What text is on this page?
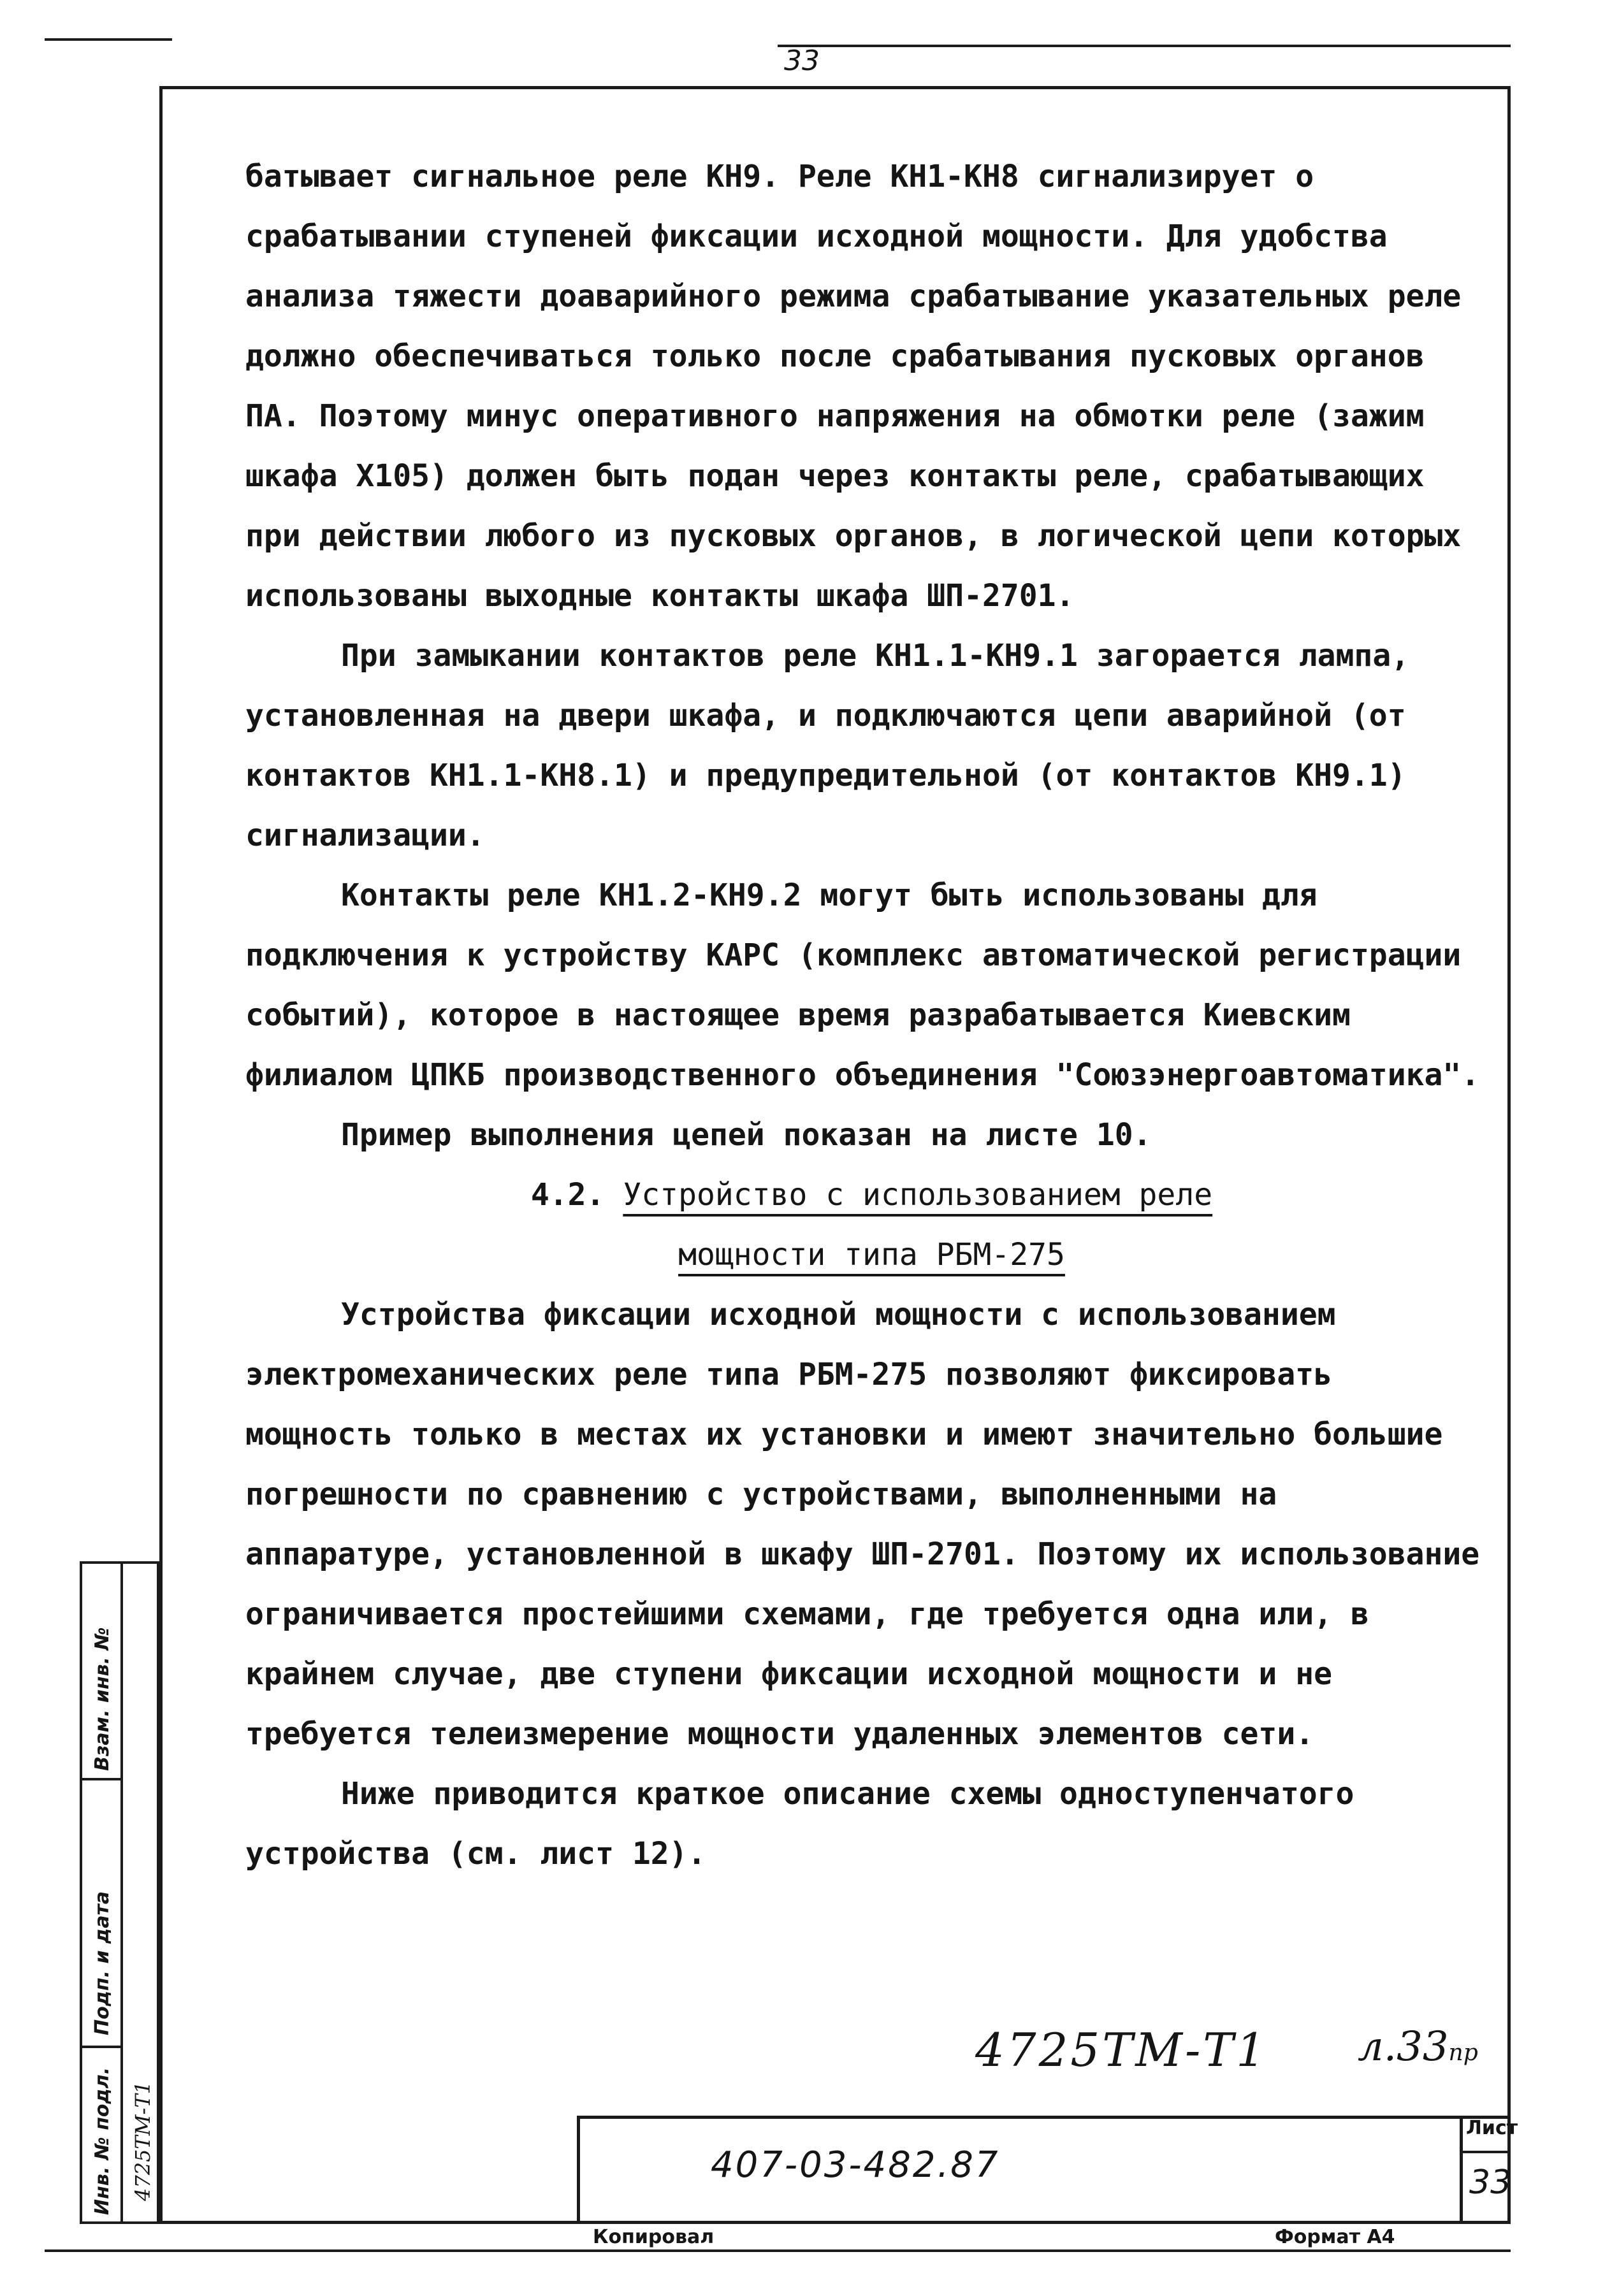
33

батывает сигнальное реле КН9. Реле КН1-КН8 сигнализирует о срабатывании ступеней фиксации исходной мощности. Для удобства анализа тяжести доаварийного режима срабатывание указательных реле должно обеспечиваться только после срабатывания пусковых органов ПА. Поэтому минус оперативного напряжения на обмотки реле (зажим шкафа Х105) должен быть подан через контакты реле, срабатывающих при действии любого из пусковых органов, в логической цепи которых использованы выходные контакты шкафа ШП-2701.

При замыкании контактов реле КН1.1-КН9.1 загорается лампа, установленная на двери шкафа, и подключаются цепи аварийной (от контактов КН1.1-КН8.1) и предупредительной (от контактов КН9.1) сигнализации.

Контакты реле КН1.2-КН9.2 могут быть использованы для подключения к устройству КАРС (комплекс автоматической регистрации событий), которое в настоящее время разрабатывается Киевским филиалом ЦПКБ производственного объединения "Союзэнергоавтоматика".

Пример выполнения цепей показан на листе 10.

4.2. Устройство с использованием реле
мощности типа РБМ-275

Устройства фиксации исходной мощности с использованием электромеханических реле типа РБМ-275 позволяют фиксировать мощность только в местах их установки и имеют значительно большие погрешности по сравнению с устройствами, выполненными на аппаратуре, установленной в шкафу ШП-2701. Поэтому их использование ограничивается простейшими схемами, где требуется одна или, в крайнем случае, две ступени фиксации исходной мощности и не требуется телеизмерение мощности удаленных элементов сети.

Ниже приводится краткое описание схемы одноступенчатого устройства (см. лист 12).

Взам. инв. №
Подп. и дата
Инв. № подл. 4725ТМ-Т1
4725ТМ-Т1 л.33пр
407-03-482.87
Лист
33
Копировал	Формат А4
